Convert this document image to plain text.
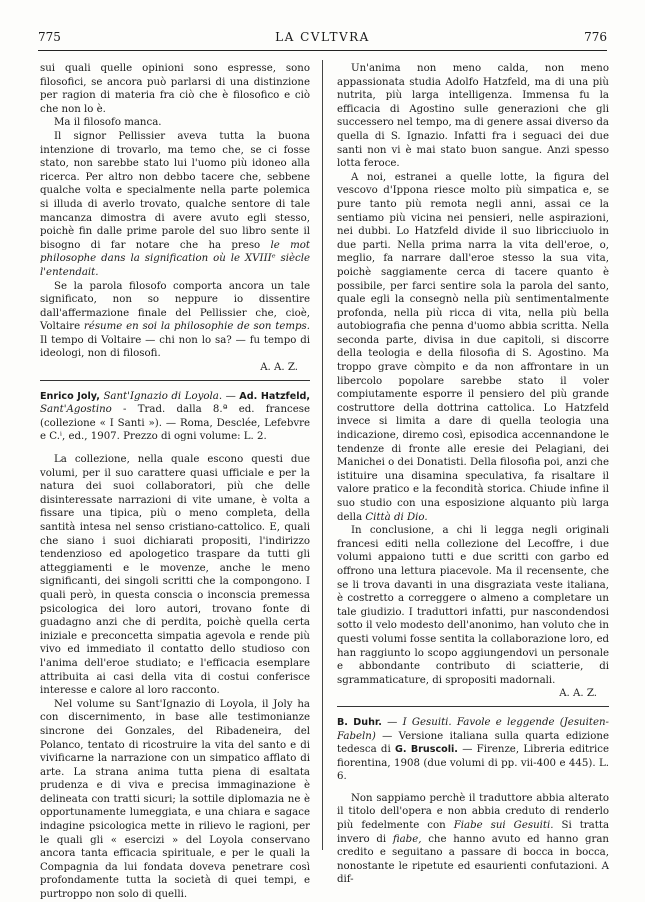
775	LA CVLTVRA	776

sui quali quelle opinioni sono espresse, sono filosofici, se ancora può parlarsi di una distinzione per ragion di materia fra ciò che è filosofico e ciò che non lo è.

Ma il filosofo manca.

Il signor Pellissier aveva tutta la buona intenzione di trovarlo, ma temo che, se ci fosse stato, non sarebbe stato lui l'uomo più idoneo alla ricerca. Per altro non debbo tacere che, sebbene qualche volta e specialmente nella parte polemica si illuda di averlo trovato, qualche sentore di tale mancanza dimostra di avere avuto egli stesso, poichè fin dalle prime parole del suo libro sente il bisogno di far notare che ha preso le mot philosophe dans la signification où le XVIIIᵉ siècle l'entendait.

Se la parola filosofo comporta ancora un tale significato, non so neppure io dissentire dall'affermazione finale del Pellissier che, cioè, Voltaire résume en soi la philosophie de son temps. Il tempo di Voltaire — chi non lo sa? — fu tempo di ideologi, non di filosofi.

A. A. Z.

Enrico Joly, Sant'Ignazio di Loyola. — Ad. Hatzfeld, Sant'Agostino - Trad. dalla 8.ª ed. francese (collezione « I Santi »). — Roma, Desclée, Lefebvre e C.ⁱ, ed., 1907. Prezzo di ogni volume: L. 2.

La collezione, nella quale escono questi due volumi, per il suo carattere quasi ufficiale e per la natura dei suoi collaboratori, più che delle disinteressate narrazioni di vite umane, è volta a fissare una tipica, più o meno completa, della santità intesa nel senso cristiano-cattolico. E, quali che siano i suoi dichiarati propositi, l'indirizzo tendenzioso ed apologetico traspare da tutti gli atteggiamenti e le movenze, anche le meno significanti, dei singoli scritti che la compongono. I quali però, in questa conscia o inconscia premessa psicologica dei loro autori, trovano fonte di guadagno anzi che di perdita, poichè quella certa iniziale e preconcetta simpatia agevola e rende più vivo ed immediato il contatto dello studioso con l'anima dell'eroe studiato; e l'efficacia esemplare attribuita ai casi della vita di costui conferisce interesse e calore al loro racconto.

Nel volume su Sant'Ignazio di Loyola, il Joly ha con discernimento, in base alle testimonianze sincrone dei Gonzales, del Ribadeneira, del Polanco, tentato di ricostruire la vita del santo e di vivificarne la narrazione con un simpatico afflato di arte. La strana anima tutta piena di esaltata prudenza e di viva e precisa immaginazione è delineata con tratti sicuri; la sottile diplomazia ne è opportunamente lumeggiata, e una chiara e sagace indagine psicologica mette in rilievo le ragioni, per le quali gli « esercizi » del Loyola conservano ancora tanta efficacia spirituale, e per le quali la Compagnia da lui fondata doveva penetrare così profondamente tutta la società di quei tempi, e purtroppo non solo di quelli.

Un'anima non meno calda, non meno appassionata studia Adolfo Hatzfeld, ma di una più nutrita, più larga intelligenza. Immensa fu la efficacia di Agostino sulle generazioni che gli successero nel tempo, ma di genere assai diverso da quella di S. Ignazio. Infatti fra i seguaci dei due santi non vi è mai stato buon sangue. Anzi spesso lotta feroce.

A noi, estranei a quelle lotte, la figura del vescovo d'Ippona riesce molto più simpatica e, se pure tanto più remota negli anni, assai ce la sentiamo più vicina nei pensieri, nelle aspirazioni, nei dubbi. Lo Hatzfeld divide il suo libricciuolo in due parti. Nella prima narra la vita dell'eroe, o, meglio, fa narrare dall'eroe stesso la sua vita, poichè saggiamente cerca di tacere quanto è possibile, per farci sentire sola la parola del santo, quale egli la consegnò nella più sentimentalmente profonda, nella più ricca di vita, nella più bella autobiografia che penna d'uomo abbia scritta. Nella seconda parte, divisa in due capitoli, si discorre della teologia e della filosofia di S. Agostino. Ma troppo grave còmpito e da non affrontare in un libercolo popolare sarebbe stato il voler compiutamente esporre il pensiero del più grande costruttore della dottrina cattolica. Lo Hatzfeld invece si limita a dare di quella teologia una indicazione, diremo così, episodica accennandone le tendenze di fronte alle eresie dei Pelagiani, dei Manichei o dei Donatisti. Della filosofia poi, anzi che istituire una disamina speculativa, fa risaltare il valore pratico e la fecondità storica. Chiude infine il suo studio con una esposizione alquanto più larga della Città di Dio.

In conclusione, a chi li legga negli originali francesi editi nella collezione del Lecoffre, i due volumi appaiono tutti e due scritti con garbo ed offrono una lettura piacevole. Ma il recensente, che se li trova davanti in una disgraziata veste italiana, è costretto a correggere o almeno a completare un tale giudizio. I traduttori infatti, pur nascondendosi sotto il velo modesto dell'anonimo, han voluto che in questi volumi fosse sentita la collaborazione loro, ed han raggiunto lo scopo aggiungendovi un personale e abbondante contributo di sciatterie, di sgrammaticature, di spropositi madornali.

A. A. Z.

B. Duhr. — I Gesuiti. Favole e leggende (Jesuiten-Fabeln) — Versione italiana sulla quarta edizione tedesca di G. Bruscoli. — Firenze, Libreria editrice fiorentina, 1908 (due volumi di pp. vii-400 e 445). L. 6.

Non sappiamo perchè il traduttore abbia alterato il titolo dell'opera e non abbia creduto di renderlo più fedelmente con Fiabe sui Gesuiti. Si tratta invero di fiabe, che hanno avuto ed hanno gran credito e seguitano a passare di bocca in bocca, nonostante le ripetute ed esaurienti confutazioni. A dif-
